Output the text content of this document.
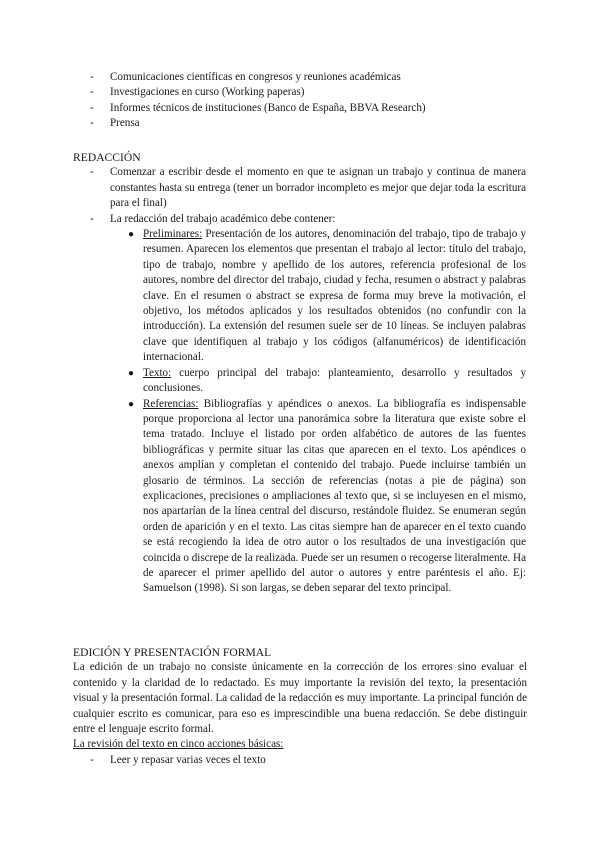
- Comunicaciones científicas en congresos y reuniones académicas
- Investigaciones en curso (Working paperas)
- Informes técnicos de instituciones (Banco de España, BBVA Research)
- Prensa
REDACCIÓN
- Comenzar a escribir desde el momento en que te asignan un trabajo y continua de manera constantes hasta su entrega (tener un borrador incompleto es mejor que dejar toda la escritura para el final)
- La redacción del trabajo académico debe contener:
● Preliminares: Presentación de los autores, denominación del trabajo, tipo de trabajo y resumen. Aparecen los elementos que presentan el trabajo al lector: título del trabajo, tipo de trabajo, nombre y apellido de los autores, referencia profesional de los autores, nombre del director del trabajo, ciudad y fecha, resumen o abstract y palabras clave. En el resumen o abstract se expresa de forma muy breve la motivación, el objetivo, los métodos aplicados y los resultados obtenidos (no confundir con la introducción). La extensión del resumen suele ser de 10 líneas. Se incluyen palabras clave que identifiquen al trabajo y los códigos (alfanuméricos) de identificación internacional.
● Texto: cuerpo principal del trabajo: planteamiento, desarrollo y resultados y conclusiones.
● Referencias: Bibliografías y apéndices o anexos. La bibliografía es indispensable porque proporciona al lector una panorámica sobre la literatura que existe sobre el tema tratado. Incluye el listado por orden alfabético de autores de las fuentes bibliográficas y permite situar las citas que aparecen en el texto. Los apéndices o anexos amplían y completan el contenido del trabajo. Puede incluirse también un glosario de términos. La sección de referencias (notas a pie de página) son explicaciones, precisiones o ampliaciones al texto que, si se incluyesen en el mismo, nos apartarían de la línea central del discurso, restándole fluidez. Se enumeran según orden de aparición y en el texto. Las citas siempre han de aparecer en el texto cuando se está recogiendo la idea de otro autor o los resultados de una investigación que coincida o discrepe de la realizada. Puede ser un resumen o recogerse literalmente. Ha de aparecer el primer apellido del autor o autores y entre paréntesis el año. Ej: Samuelson (1998). Si son largas, se deben separar del texto principal.
EDICIÓN Y PRESENTACIÓN FORMAL

La edición de un trabajo no consiste únicamente en la corrección de los errores sino evaluar el contenido y la claridad de lo redactado. Es muy importante la revisión del texto, la presentación visual y la presentación formal. La calidad de la redacción es muy importante. La principal función de cualquier escrito es comunicar, para eso es imprescindible una buena redacción. Se debe distinguir entre el lenguaje escrito formal.

La revisión del texto en cinco acciones básicas:
- Leer y repasar varias veces el texto
